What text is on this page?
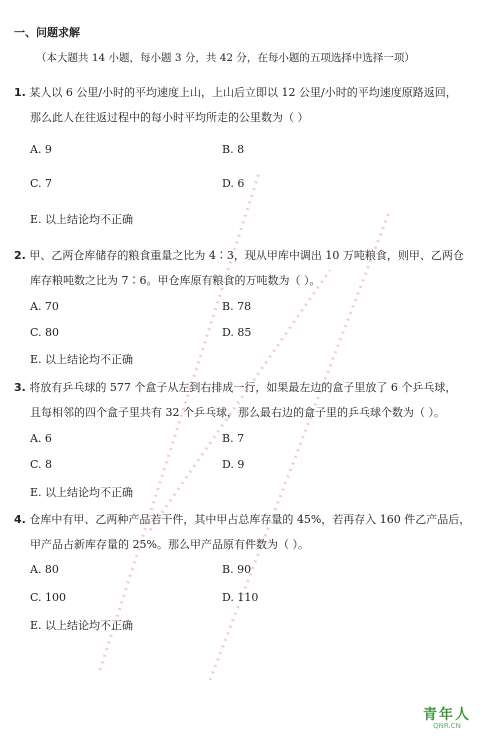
一、问题求解
（本大题共 14 小题，每小题 3 分，共 42 分，在每小题的五项选择中选择一项）
1. 某人以 6 公里/小时的平均速度上山，上山后立即以 12 公里/小时的平均速度原路返回，
那么此人在往返过程中的每小时平均所走的公里数为（ ）
A. 9	B. 8
C. 7	D. 6
E. 以上结论均不正确
2. 甲、乙两仓库储存的粮食重量之比为 4∶3，现从甲库中调出 10 万吨粮食，则甲、乙两仓
库存粮吨数之比为 7∶6。甲仓库原有粮食的万吨数为（ ）。
A. 70	B. 78
C. 80	D. 85
E. 以上结论均不正确
3. 将放有乒乓球的 577 个盒子从左到右排成一行，如果最左边的盒子里放了 6 个乒乓球，
且每相邻的四个盒子里共有 32 个乒乓球，那么最右边的盒子里的乒乓球个数为（ ）。
A. 6	B. 7
C. 8	D. 9
E. 以上结论均不正确
4. 仓库中有甲、乙两种产品若干件，其中甲占总库存量的 45%，若再存入 160 件乙产品后，
甲产品占新库存量的 25%。那么甲产品原有件数为（ ）。
A. 80	B. 90
C. 100	D. 110
E. 以上结论均不正确
青年人
QNR.CN
